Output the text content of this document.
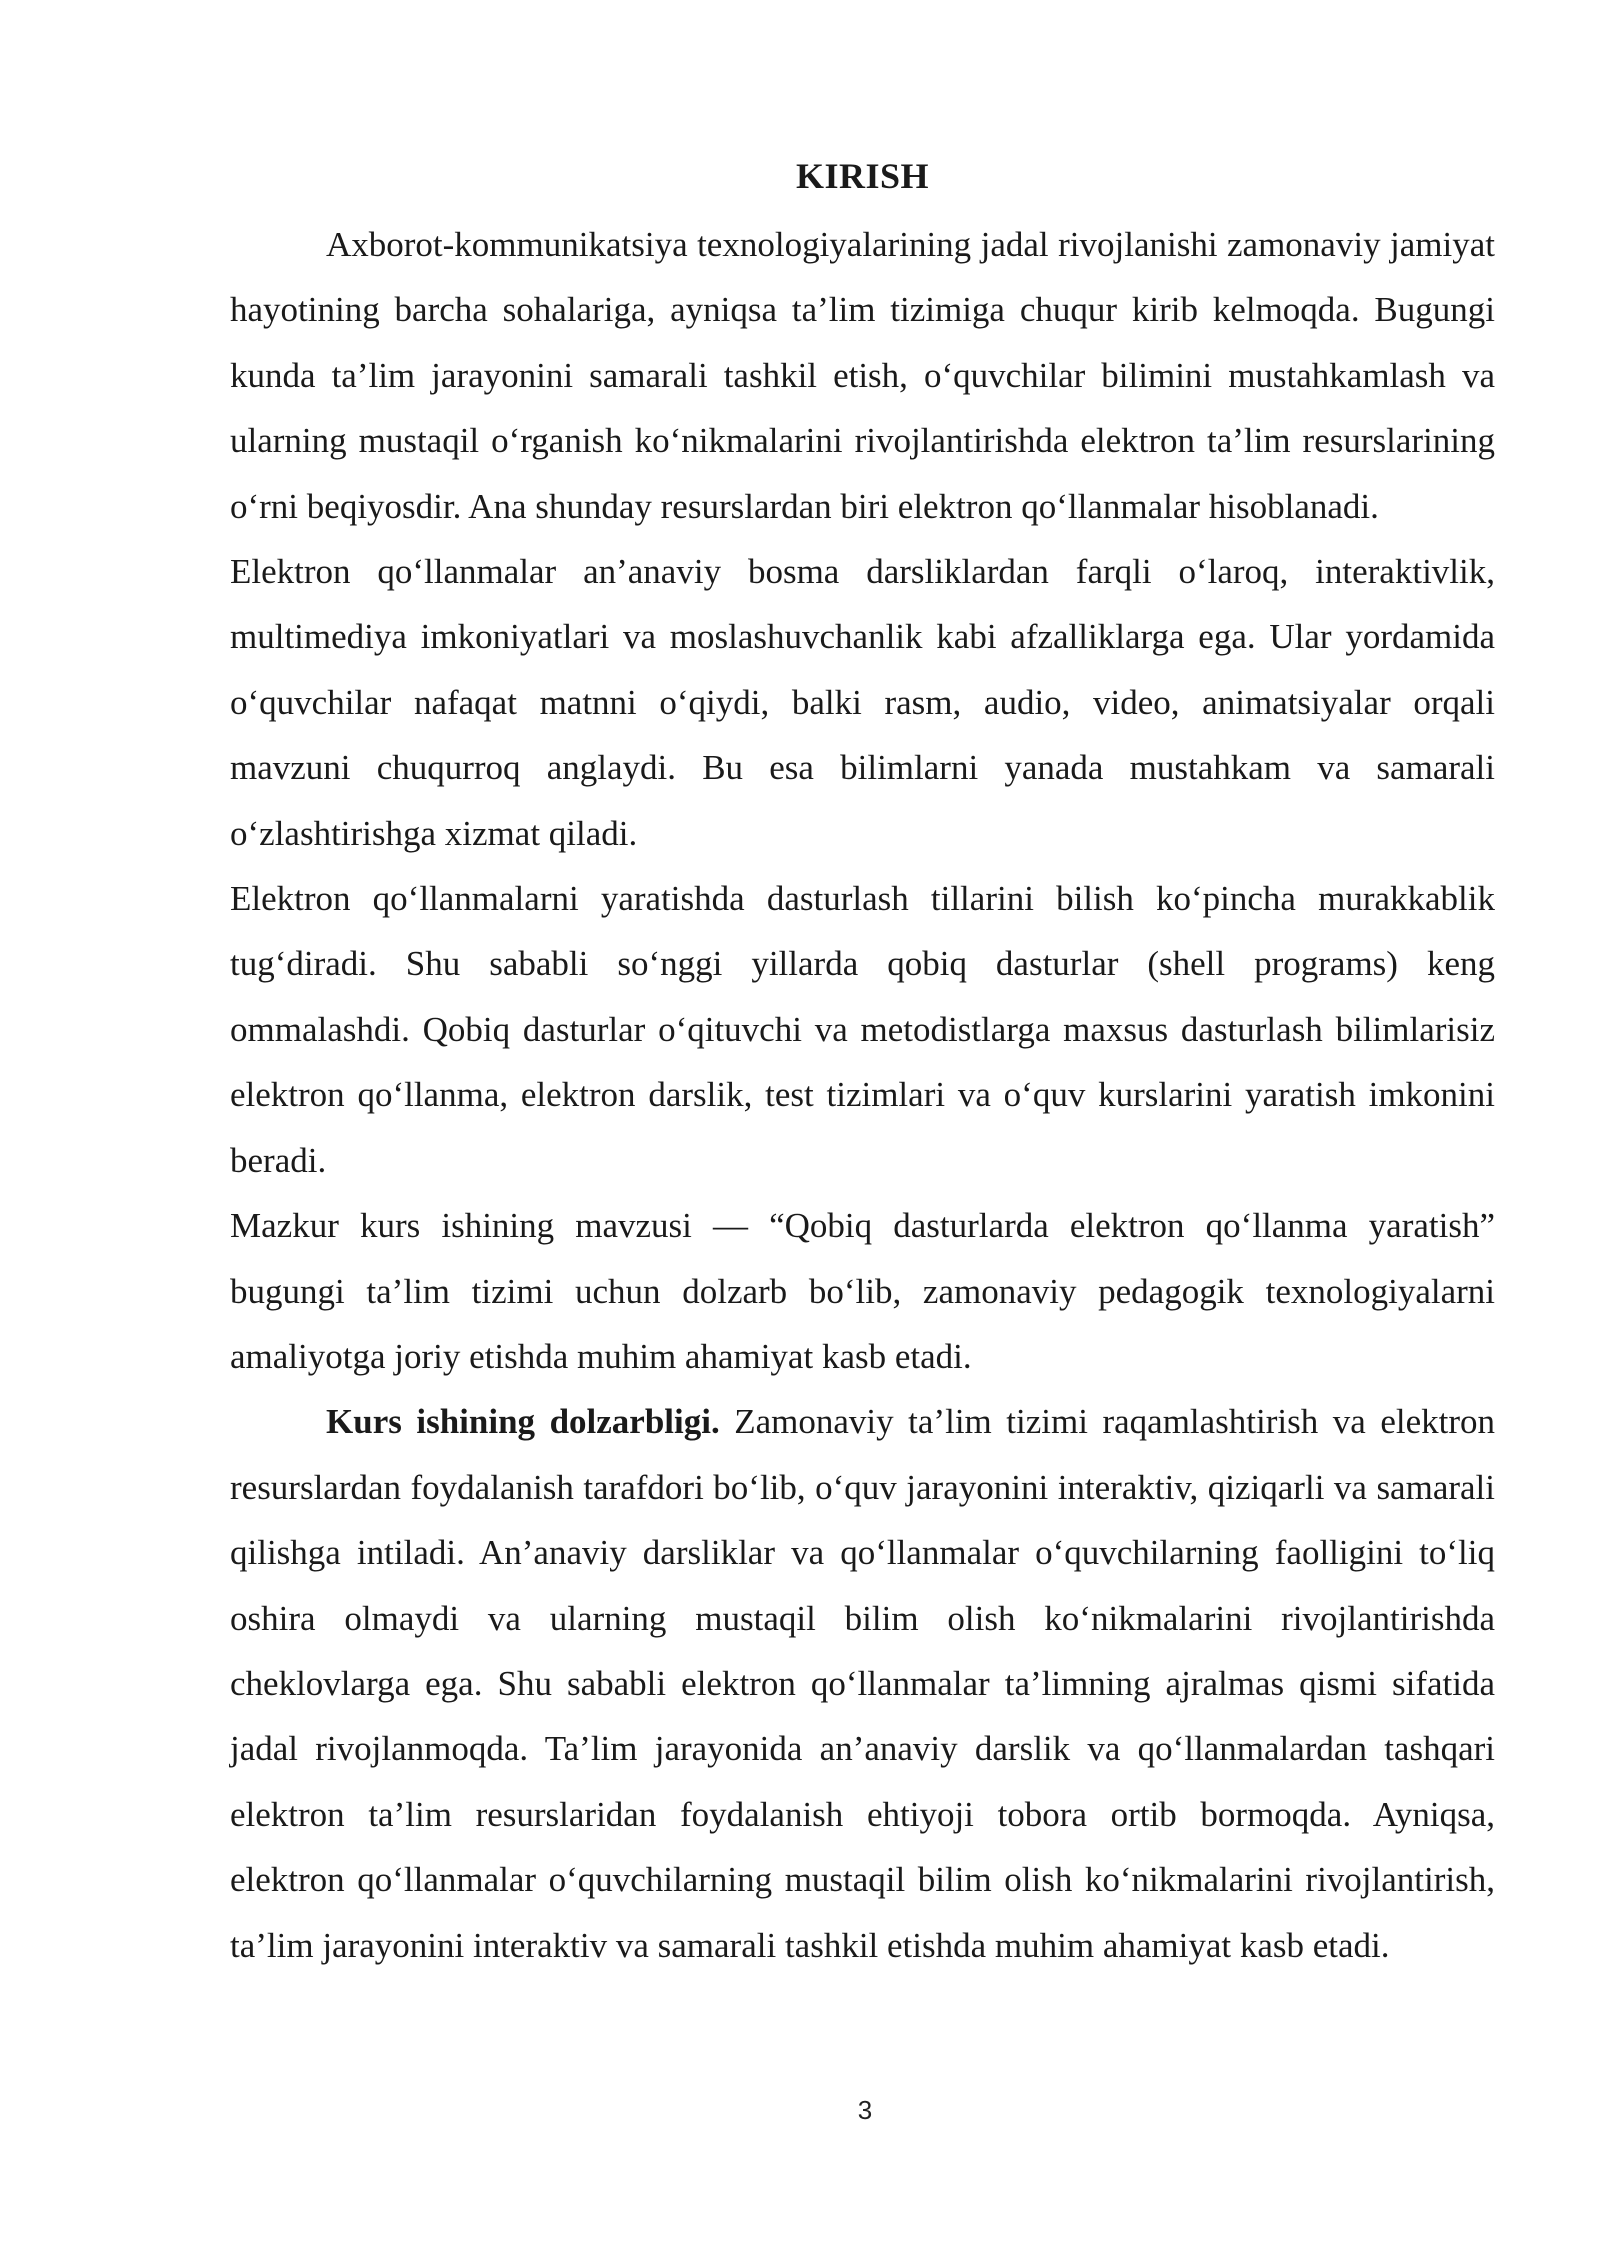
KIRISH

Axborot-kommunikatsiya texnologiyalarining jadal rivojlanishi zamonaviy jamiyat hayotining barcha sohalariga, ayniqsa ta’lim tizimiga chuqur kirib kelmoqda. Bugungi kunda ta’lim jarayonini samarali tashkil etish, o‘quvchilar bilimini mustahkamlash va ularning mustaqil o‘rganish ko‘nikmalarini rivojlantirishda elektron ta’lim resurslarining o‘rni beqiyosdir. Ana shunday resurslardan biri elektron qo‘llanmalar hisoblanadi.

Elektron qo‘llanmalar an’anaviy bosma darsliklardan farqli o‘laroq, interaktivlik, multimediya imkoniyatlari va moslashuvchanlik kabi afzalliklarga ega. Ular yordamida o‘quvchilar nafaqat matnni o‘qiydi, balki rasm, audio, video, animatsiyalar orqali mavzuni chuqurroq anglaydi. Bu esa bilimlarni yanada mustahkam va samarali o‘zlashtirishga xizmat qiladi.

Elektron qo‘llanmalarni yaratishda dasturlash tillarini bilish ko‘pincha murakkablik tug‘diradi. Shu sababli so‘nggi yillarda qobiq dasturlar (shell programs) keng ommalashdi. Qobiq dasturlar o‘qituvchi va metodistlarga maxsus dasturlash bilimlarisiz elektron qo‘llanma, elektron darslik, test tizimlari va o‘quv kurslarini yaratish imkonini beradi.

Mazkur kurs ishining mavzusi — “Qobiq dasturlarda elektron qo‘llanma yaratish” bugungi ta’lim tizimi uchun dolzarb bo‘lib, zamonaviy pedagogik texnologiyalarni amaliyotga joriy etishda muhim ahamiyat kasb etadi.

Kurs ishining dolzarbligi. Zamonaviy ta’lim tizimi raqamlashtirish va elektron resurslardan foydalanish tarafdori bo‘lib, o‘quv jarayonini interaktiv, qiziqarli va samarali qilishga intiladi. An’anaviy darsliklar va qo‘llanmalar o‘quvchilarning faolligini to‘liq oshira olmaydi va ularning mustaqil bilim olish ko‘nikmalarini rivojlantirishda cheklovlarga ega. Shu sababli elektron qo‘llanmalar ta’limning ajralmas qismi sifatida jadal rivojlanmoqda. Ta’lim jarayonida an’anaviy darslik va qo‘llanmalardan tashqari elektron ta’lim resurslaridan foydalanish ehtiyoji tobora ortib bormoqda. Ayniqsa, elektron qo‘llanmalar o‘quvchilarning mustaqil bilim olish ko‘nikmalarini rivojlantirish, ta’lim jarayonini interaktiv va samarali tashkil etishda muhim ahamiyat kasb etadi.

3
